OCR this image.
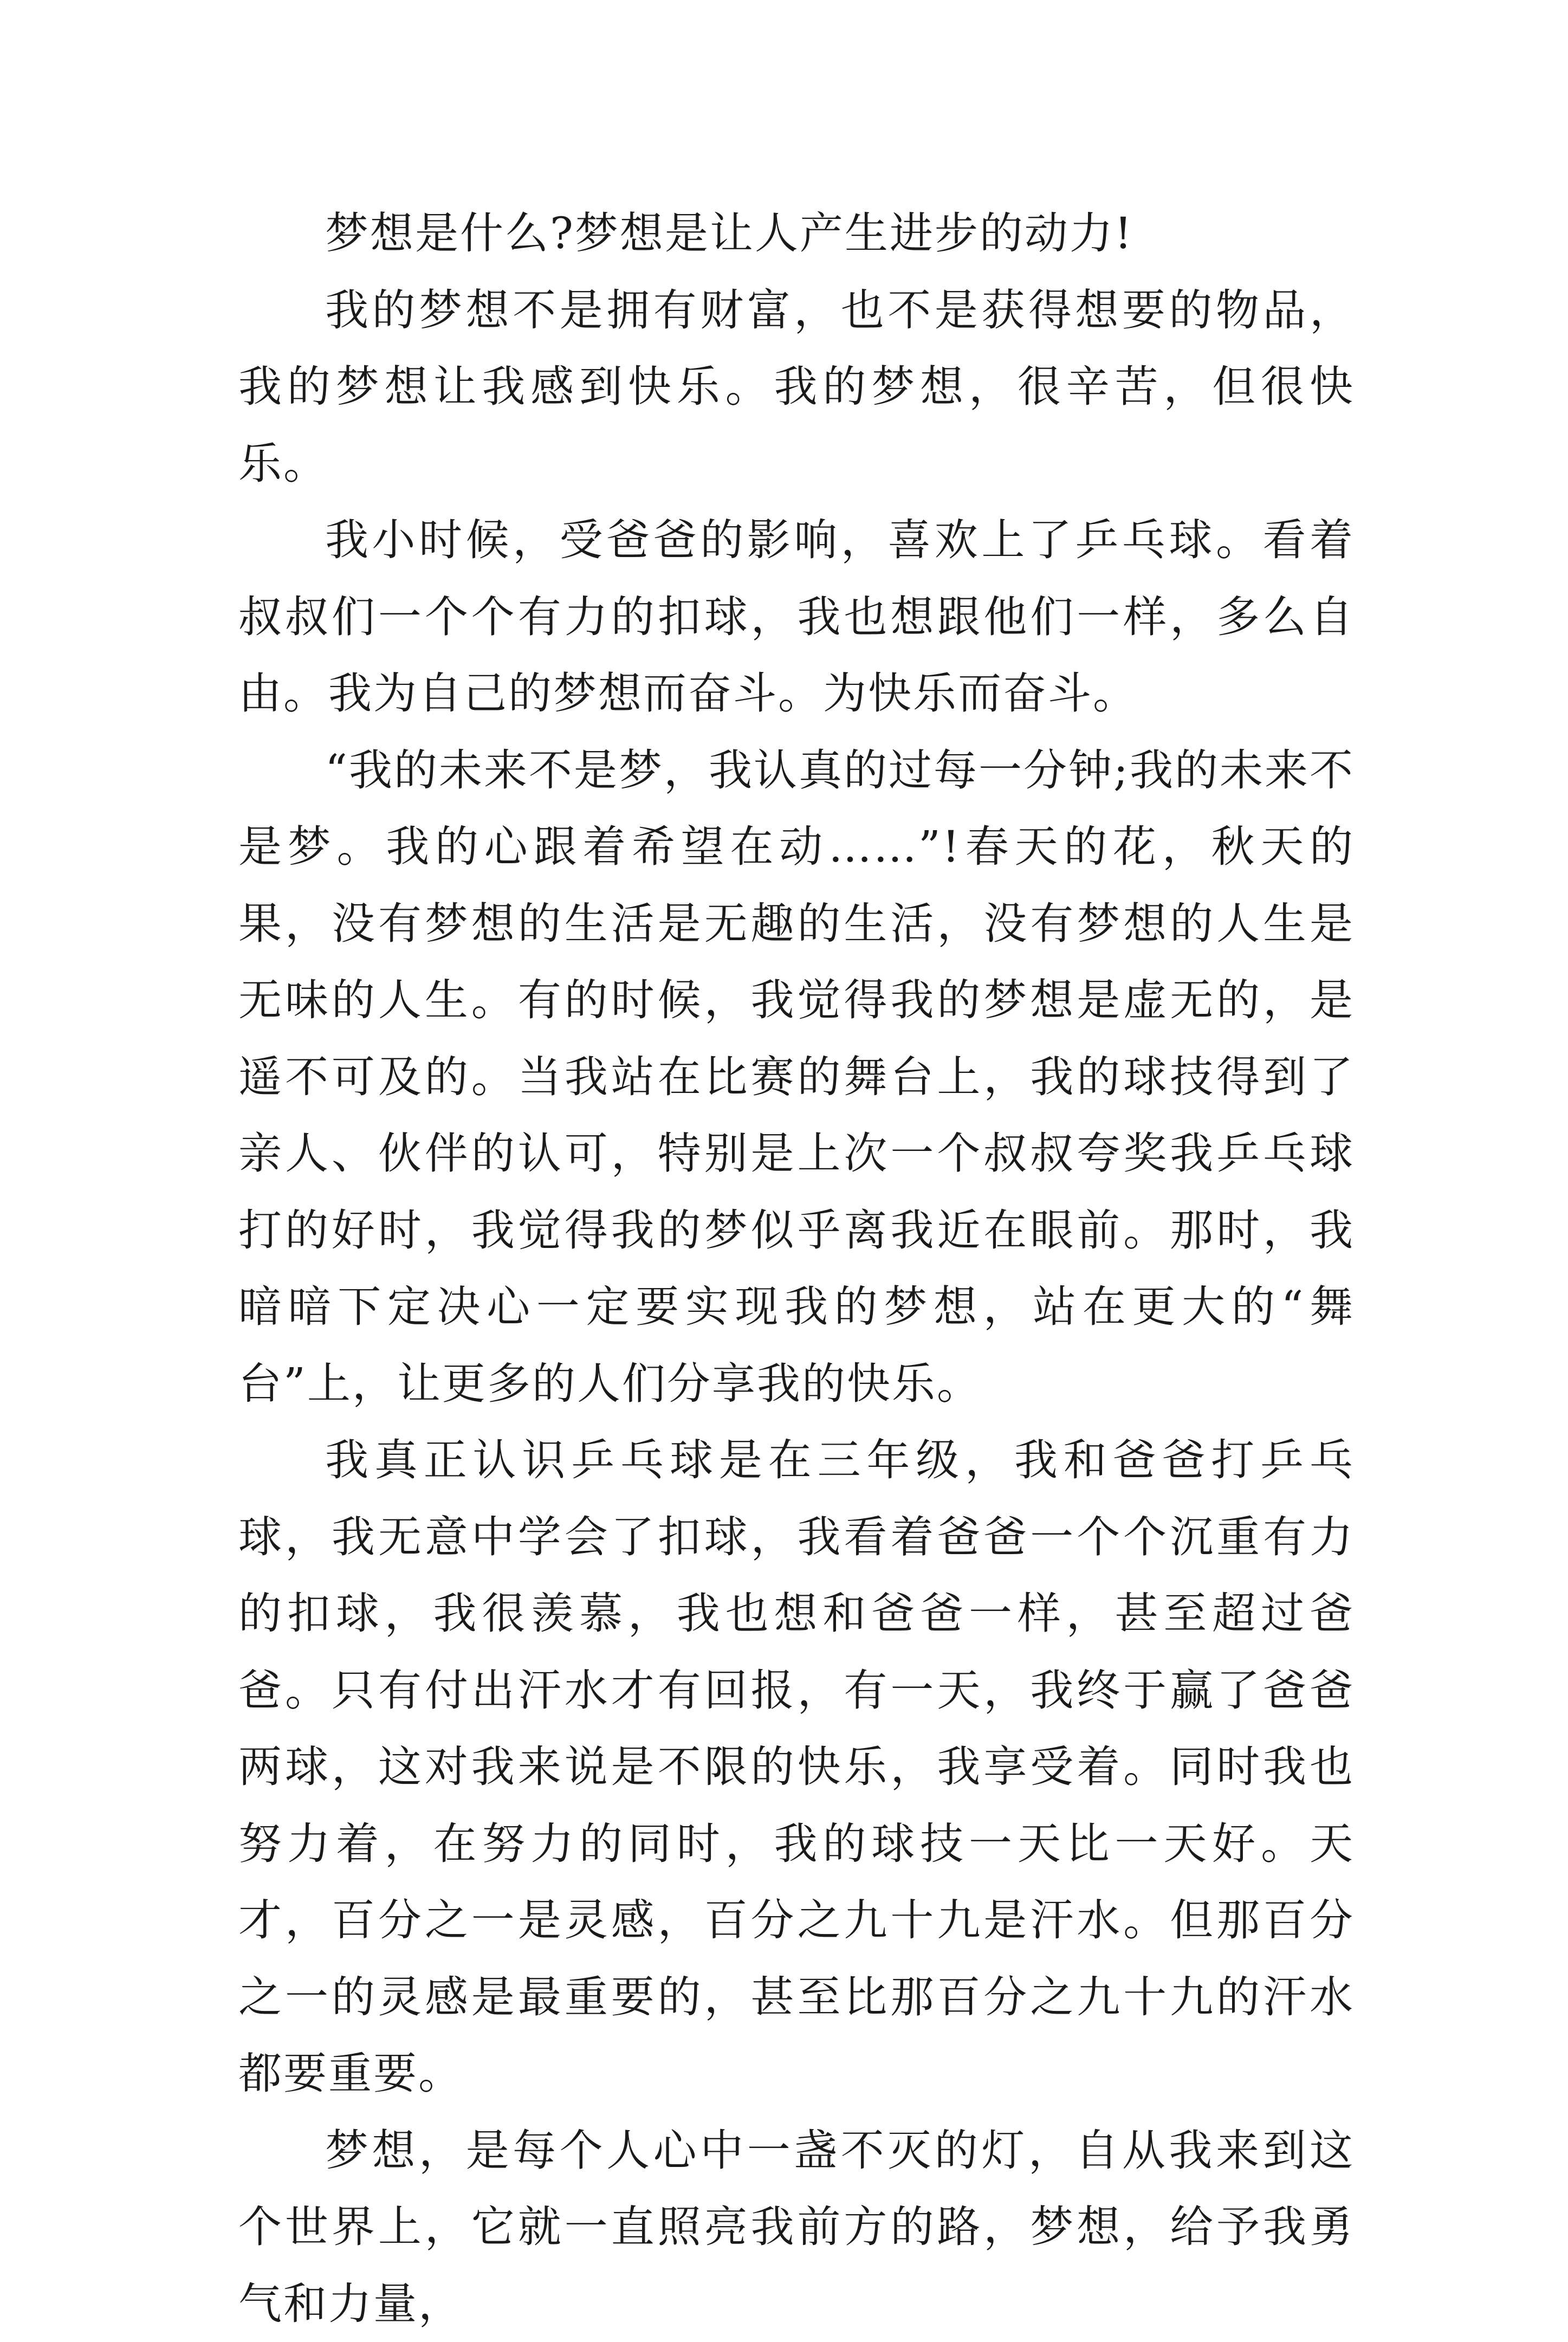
梦想是什么?梦想是让人产生进步的动力!

我的梦想不是拥有财富，也不是获得想要的物品，我的梦想让我感到快乐。我的梦想，很辛苦，但很快乐。

我小时候，受爸爸的影响，喜欢上了乒乓球。看着叔叔们一个个有力的扣球，我也想跟他们一样，多么自由。我为自己的梦想而奋斗。为快乐而奋斗。

“我的未来不是梦，我认真的过每一分钟;我的未来不是梦。我的心跟着希望在动……”!春天的花，秋天的果，没有梦想的生活是无趣的生活，没有梦想的人生是无味的人生。有的时候，我觉得我的梦想是虚无的，是遥不可及的。当我站在比赛的舞台上，我的球技得到了亲人、伙伴的认可，特别是上次一个叔叔夸奖我乒乓球打的好时，我觉得我的梦似乎离我近在眼前。那时，我暗暗下定决心一定要实现我的梦想，站在更大的“舞台”上，让更多的人们分享我的快乐。

我真正认识乒乓球是在三年级，我和爸爸打乒乓球，我无意中学会了扣球，我看着爸爸一个个沉重有力的扣球，我很羡慕，我也想和爸爸一样，甚至超过爸爸。只有付出汗水才有回报，有一天，我终于赢了爸爸两球，这对我来说是不限的快乐，我享受着。同时我也努力着，在努力的同时，我的球技一天比一天好。天才，百分之一是灵感，百分之九十九是汗水。但那百分之一的灵感是最重要的，甚至比那百分之九十九的汗水都要重要。

梦想，是每个人心中一盏不灭的灯，自从我来到这个世界上，它就一直照亮我前方的路，梦想，给予我勇气和力量，
